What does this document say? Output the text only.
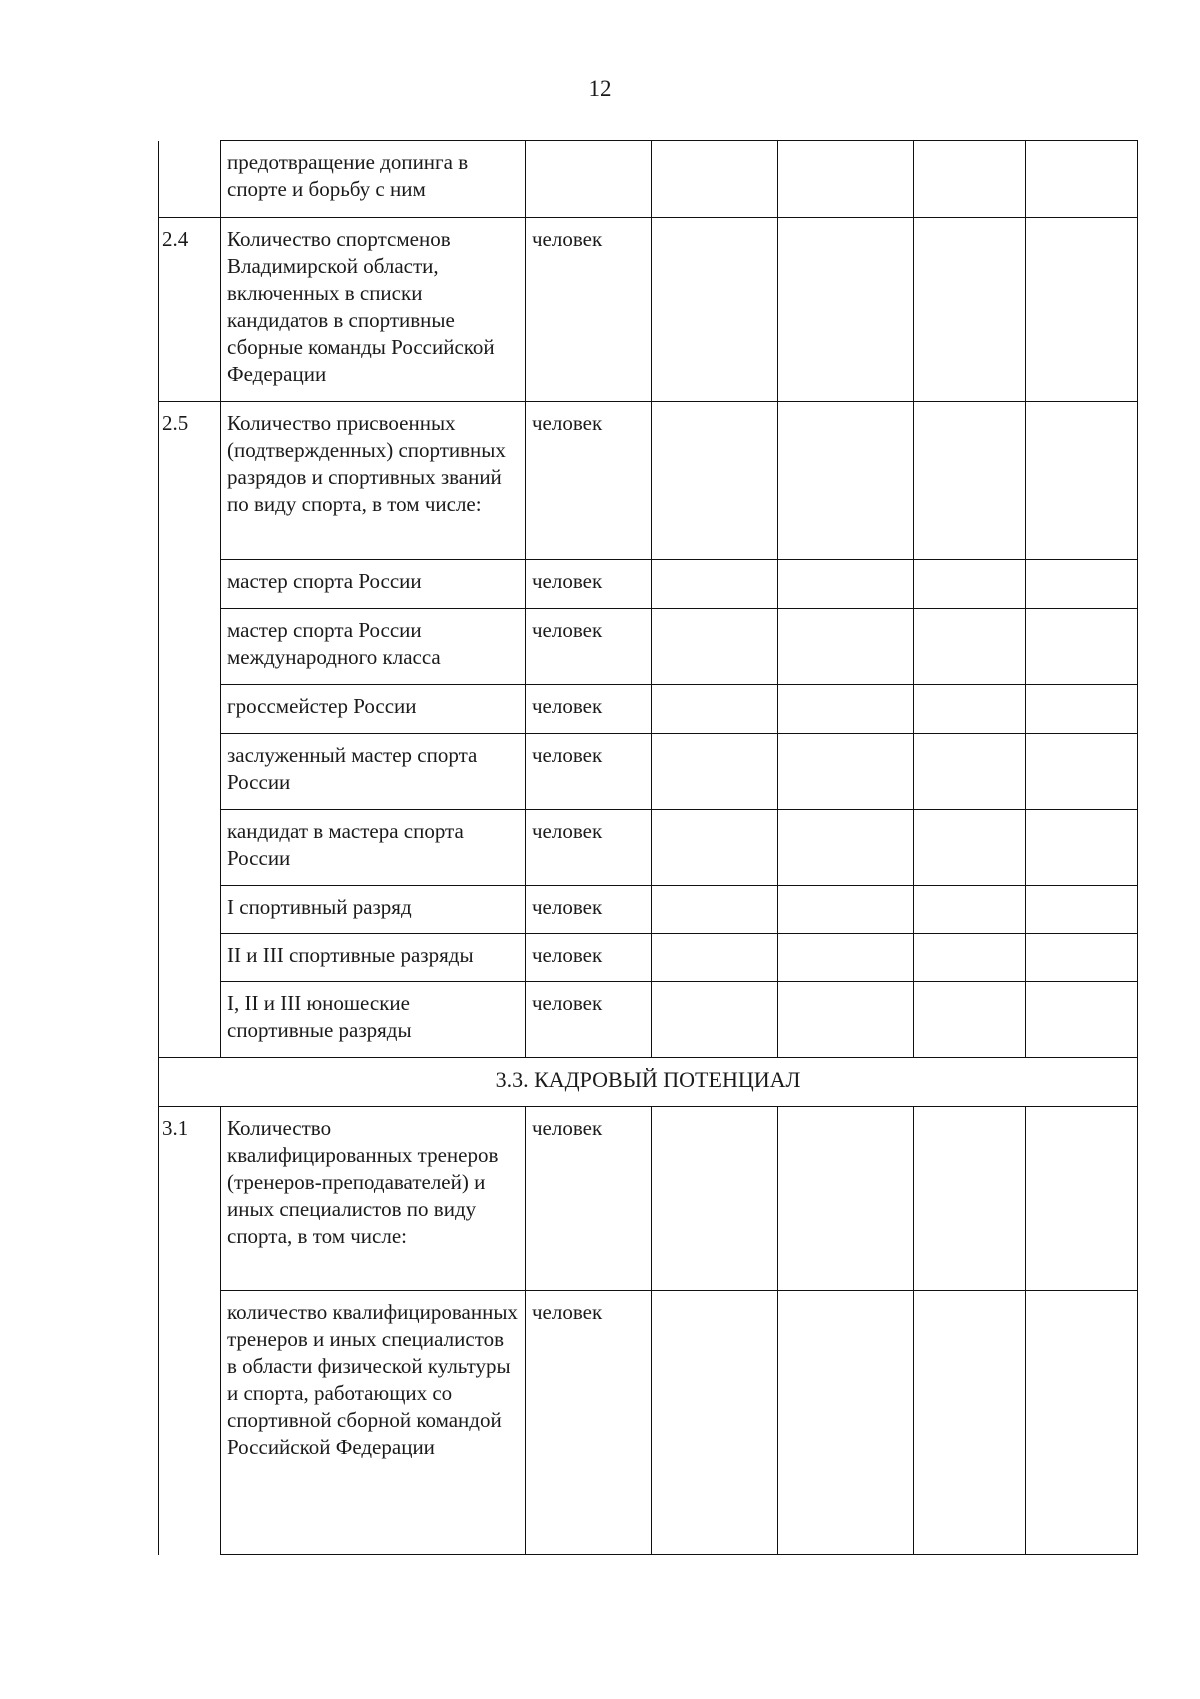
12
	предотвращение допинга в спорте и борьбу с ним					
2.4	Количество спортсменов Владимирской области, включенных в списки кандидатов в спортивные сборные команды Российской Федерации	человек				
2.5	Количество присвоенных (подтвержденных) спортивных разрядов и спортивных званий по виду спорта, в том числе:	человек				
	мастер спорта России	человек				
	мастер спорта России международного класса	человек				
	гроссмейстер России	человек				
	заслуженный мастер спорта России	человек				
	кандидат в мастера спорта России	человек				
	I спортивный разряд	человек				
	II и III спортивные разряды	человек				
	I, II и III юношеские спортивные разряды	человек				
3.3. КАДРОВЫЙ ПОТЕНЦИАЛ						
3.1	Количество квалифицированных тренеров (тренеров-преподавателей) и иных специалистов по виду спорта, в том числе:	человек				
	количество квалифицированных тренеров и иных специалистов в области физической культуры и спорта, работающих со спортивной сборной командой Российской Федерации	человек				
